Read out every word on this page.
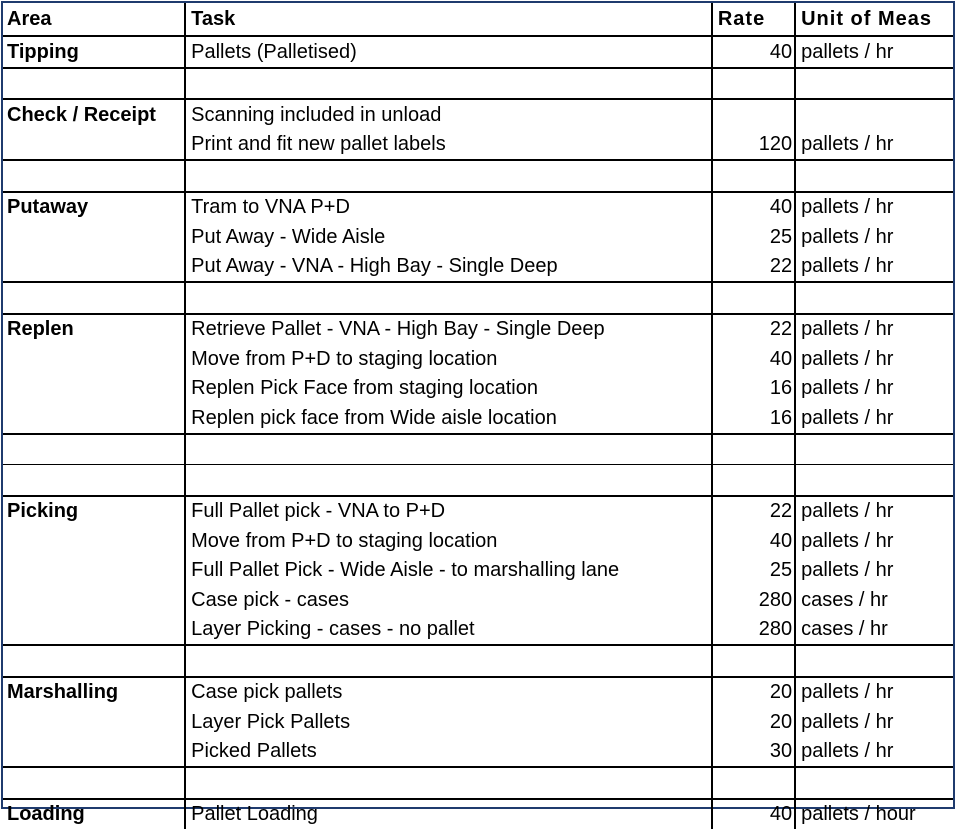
Area	Task	Rate	Unit of Meas
Tipping	Pallets (Palletised)	40	pallets / hr

Check / Receipt	Scanning included in unload		
	Print and fit new pallet labels	120	pallets / hr

Putaway	Tram to VNA P+D	40	pallets / hr
	Put Away - Wide Aisle	25	pallets / hr
	Put Away - VNA - High Bay - Single Deep	22	pallets / hr

Replen	Retrieve Pallet - VNA - High Bay - Single Deep	22	pallets / hr
	Move from P+D to staging location	40	pallets / hr
	Replen Pick Face from staging location	16	pallets / hr
	Replen pick face from Wide aisle location	16	pallets / hr

Picking	Full Pallet pick - VNA to P+D	22	pallets / hr
	Move from P+D to staging location	40	pallets / hr
	Full Pallet Pick - Wide Aisle - to marshalling lane	25	pallets / hr
	Case pick - cases	280	cases / hr
	Layer Picking - cases - no pallet	280	cases / hr

Marshalling	Case pick pallets	20	pallets / hr
	Layer Pick Pallets	20	pallets / hr
	Picked Pallets	30	pallets / hr

Loading	Pallet Loading	40	pallets / hour
